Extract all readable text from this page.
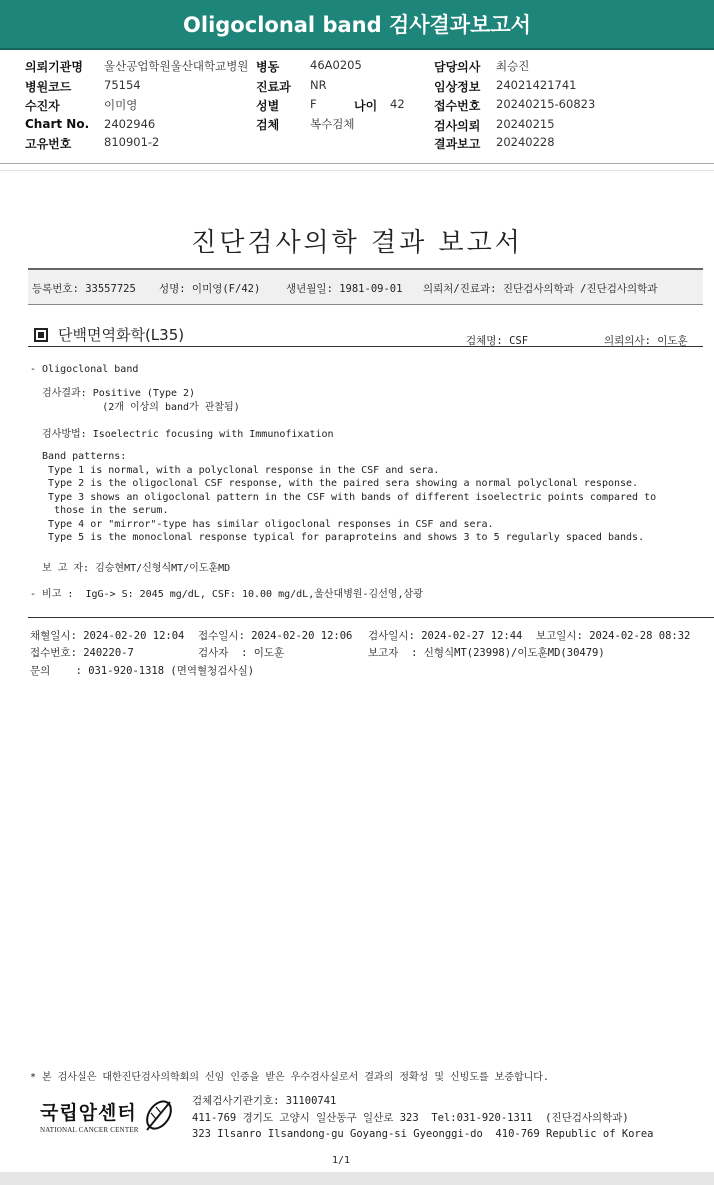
Oligoclonal band 검사결과보고서
의뢰기관명 울산공업학원울산대학교병원 병동	46A0205	담당의사 최승진
병원코드	75154	진료과 NR	임상정보 24021421741
수진자	이미영	성별	F	나이 42 접수번호 20240215-60823
Chart No. 2402946	검체	복수검체	검사의뢰 20240215
고유번호	810901-2	결과보고 20240228
진단검사의학 결과 보고서
등록번호: 33557725 성명: 이미영(F/42) 생년월일: 1981-09-01 의뢰처/진료과: 진단검사의학과 /진단검사의학과
단백면역화학(L35)	검체명: CSF	의뢰의사: 이도훈
- Oligoclonal band
검사결과: Positive (Type 2)
(2개 이상의 band가 관찰됨)
검사방법: Isoelectric focusing with Immunofixation
Band patterns:
Type 1 is normal, with a polyclonal response in the CSF and sera.
Type 2 is the oligoclonal CSF response, with the paired sera showing a normal polyclonal response.
Type 3 shows an oligoclonal pattern in the CSF with bands of different isoelectric points compared to
those in the serum.
Type 4 or "mirror"-type has similar oligoclonal responses in CSF and sera.
Type 5 is the monoclonal response typical for paraproteins and shows 3 to 5 regularly spaced bands.
보 고 자: 김승현MT/신형식MT/이도훈MD
- 비고 :  IgG-> S: 2045 mg/dL, CSF: 10.00 mg/dL,울산대병원-김선영,삼광
채혈일시: 2024-02-20 12:04 접수일시: 2024-02-20 12:06 검사일시: 2024-02-27 12:44 보고일시: 2024-02-28 08:32
접수번호: 240220-7	검사자  : 이도훈	보고자  : 신형식MT(23998)/이도훈MD(30479)
문의    : 031-920-1318 (면역혈청검사실)
* 본 검사실은 대한진단검사의학회의 신임 인증을 받은 우수검사실로서 결과의 정확성 및 신빙도를 보증합니다.
국립암센터
NATIONAL CANCER CENTER
검체검사기관기호: 31100741
411-769 경기도 고양시 일산동구 일산로 323  Tel:031-920-1311  (진단검사의학과)
323 Ilsanro Ilsandong-gu Goyang-si Gyeonggi-do  410-769 Republic of Korea
1/1
